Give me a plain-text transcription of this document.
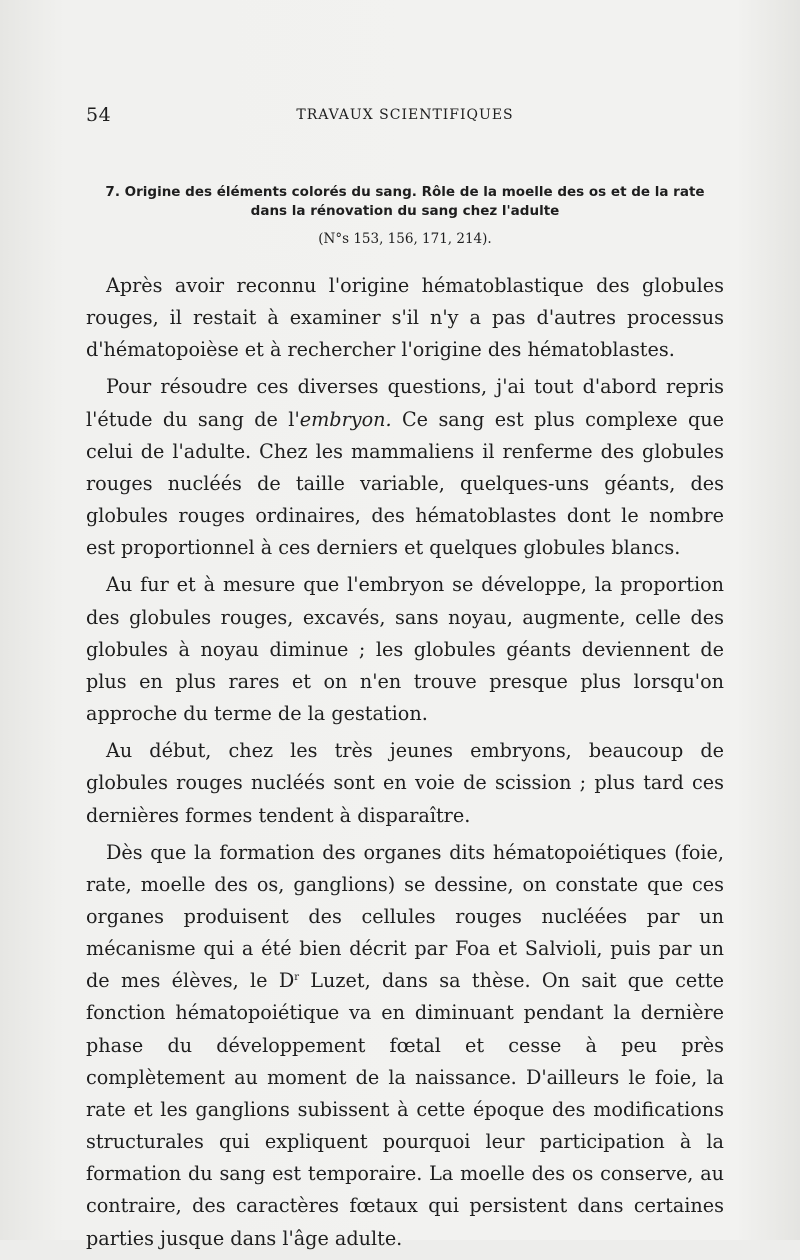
54	TRAVAUX SCIENTIFIQUES
7. Origine des éléments colorés du sang. Rôle de la moelle des os et de la rate
dans la rénovation du sang chez l'adulte
(N°s 153, 156, 171, 214).

Après avoir reconnu l'origine hématoblastique des globules rouges, il restait à examiner s'il n'y a pas d'autres processus d'hématopoièse et à rechercher l'origine des hématoblastes.

Pour résoudre ces diverses questions, j'ai tout d'abord repris l'étude du sang de l'embryon. Ce sang est plus complexe que celui de l'adulte. Chez les mammaliens il renferme des globules rouges nucléés de taille variable, quelques-uns géants, des globules rouges ordinaires, des hématoblastes dont le nombre est proportionnel à ces derniers et quelques globules blancs.

Au fur et à mesure que l'embryon se développe, la proportion des globules rouges, excavés, sans noyau, augmente, celle des globules à noyau diminue ; les globules géants deviennent de plus en plus rares et on n'en trouve presque plus lorsqu'on approche du terme de la gestation.

Au début, chez les très jeunes embryons, beaucoup de globules rouges nucléés sont en voie de scission ; plus tard ces dernières formes tendent à disparaître.

Dès que la formation des organes dits hématopoiétiques (foie, rate, moelle des os, ganglions) se dessine, on constate que ces organes produisent des cellules rouges nucléées par un mécanisme qui a été bien décrit par Foa et Salvioli, puis par un de mes élèves, le $D^r$ Luzet, dans sa thèse. On sait que cette fonction hématopoiétique va en diminuant pendant la dernière phase du développement fœtal et cesse à peu près complètement au moment de la naissance. D'ailleurs le foie, la rate et les ganglions subissent à cette époque des modifications structurales qui expliquent pourquoi leur participation à la formation du sang est temporaire. La moelle des os conserve, au contraire, des caractères fœtaux qui persistent dans certaines parties jusque dans l'âge adulte.
